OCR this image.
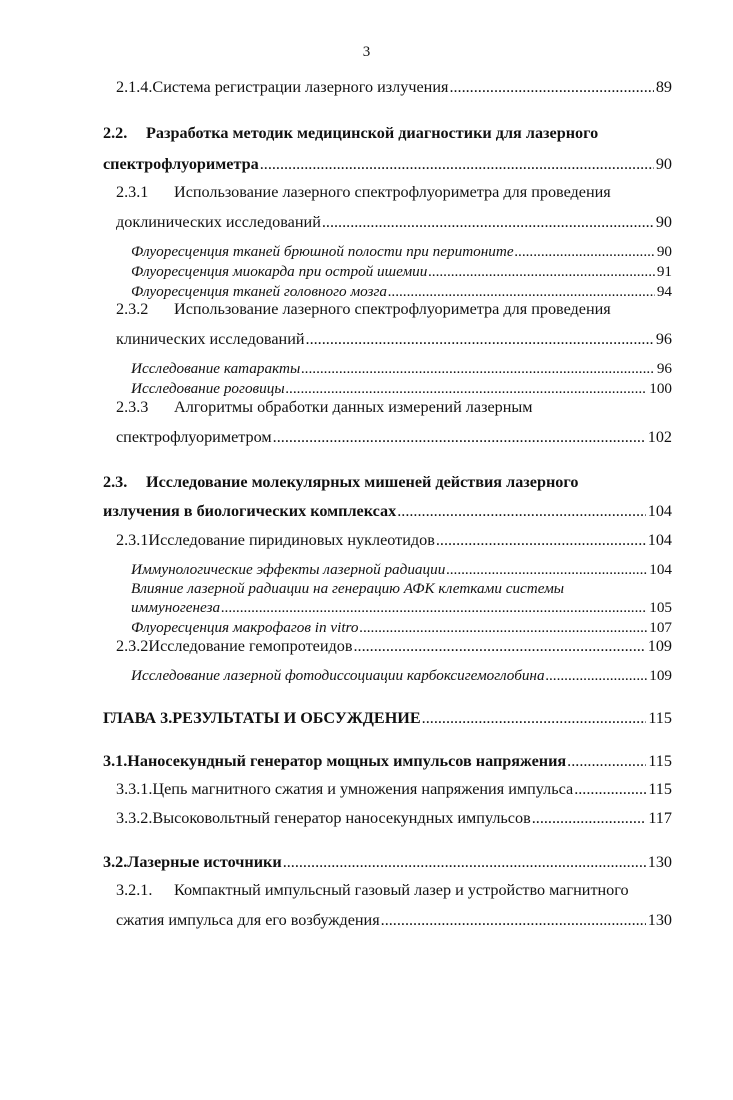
3
2.1.4. Система регистрации лазерного излучения .....	89
2.2. Разработка методик медицинской диагностики для лазерного
спектрофлуориметра .....	90
2.3.1 Использование лазерного спектрофлуориметра для проведения
доклинических исследований .....	90
Флуоресценция тканей брюшной полости при перитоните .....	90
Флуоресценция миокарда при острой ишемии .....	91
Флуоресценция тканей головного мозга .....	94
2.3.2 Использование лазерного спектрофлуориметра для проведения
клинических исследований .....	96
Исследование катаракты .....	96
Исследование роговицы .....	100
2.3.3 Алгоритмы обработки данных измерений лазерным
спектрофлуориметром .....	102
2.3. Исследование молекулярных мишеней действия лазерного
излучения в биологических комплексах .....	104
2.3.1 Исследование пиридиновых нуклеотидов .....	104
Иммунологические эффекты лазерной радиации .....	104
Влияние лазерной радиации на генерацию АФК клетками системы
иммуногенеза .....	105
Флуоресценция макрофагов in vitro .....	107
2.3.2 Исследование гемопротеидов .....	109
Исследование лазерной фотодиссоциации карбоксигемоглобина .....	109
ГЛАВА 3. РЕЗУЛЬТАТЫ И ОБСУЖДЕНИЕ .....	115
3.1. Наносекундный генератор мощных импульсов напряжения .....	115
3.3.1. Цепь магнитного сжатия и умножения напряжения импульса .....	115
3.3.2. Высоковольтный генератор наносекундных импульсов .....	117
3.2. Лазерные источники .....	130
3.2.1. Компактный импульсный газовый лазер и устройство магнитного
сжатия импульса для его возбуждения .....	130
